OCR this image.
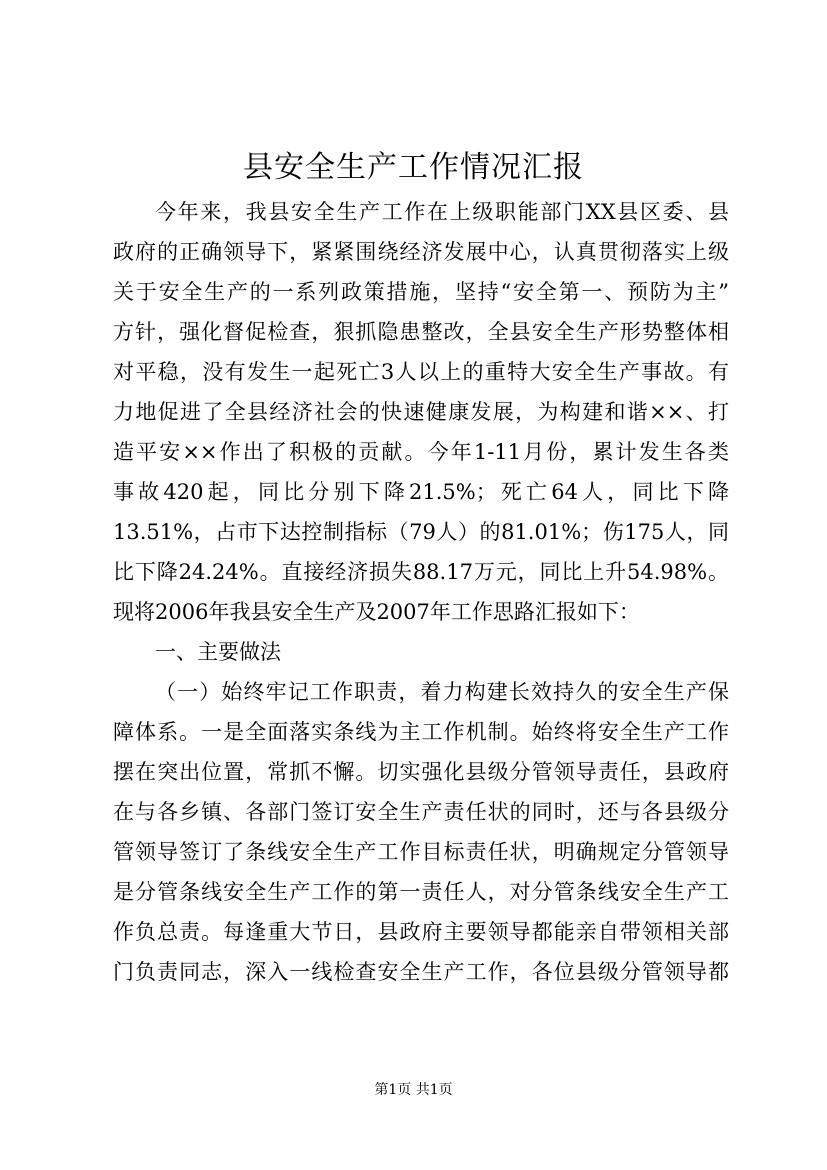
县安全生产工作情况汇报
今年来，我县安全生产工作在上级职能部门XX县区委、县
政府的正确领导下，紧紧围绕经济发展中心，认真贯彻落实上级
关于安全生产的一系列政策措施，坚持“安全第一、预防为主”
方针，强化督促检查，狠抓隐患整改，全县安全生产形势整体相
对平稳，没有发生一起死亡3人以上的重特大安全生产事故。有
力地促进了全县经济社会的快速健康发展，为构建和谐××、打
造平安××作出了积极的贡献。今年1-11月份，累计发生各类
事故420起，同比分别下降21.5%；死亡64人，同比下降
13.51%，占市下达控制指标（79人）的81.01%；伤175人，同
比下降24.24%。直接经济损失88.17万元，同比上升54.98%。
现将2006年我县安全生产及2007年工作思路汇报如下：
一、主要做法
（一）始终牢记工作职责，着力构建长效持久的安全生产保
障体系。一是全面落实条线为主工作机制。始终将安全生产工作
摆在突出位置，常抓不懈。切实强化县级分管领导责任，县政府
在与各乡镇、各部门签订安全生产责任状的同时，还与各县级分
管领导签订了条线安全生产工作目标责任状，明确规定分管领导
是分管条线安全生产工作的第一责任人，对分管条线安全生产工
作负总责。每逢重大节日，县政府主要领导都能亲自带领相关部
门负责同志，深入一线检查安全生产工作，各位县级分管领导都
第1页 共1页
